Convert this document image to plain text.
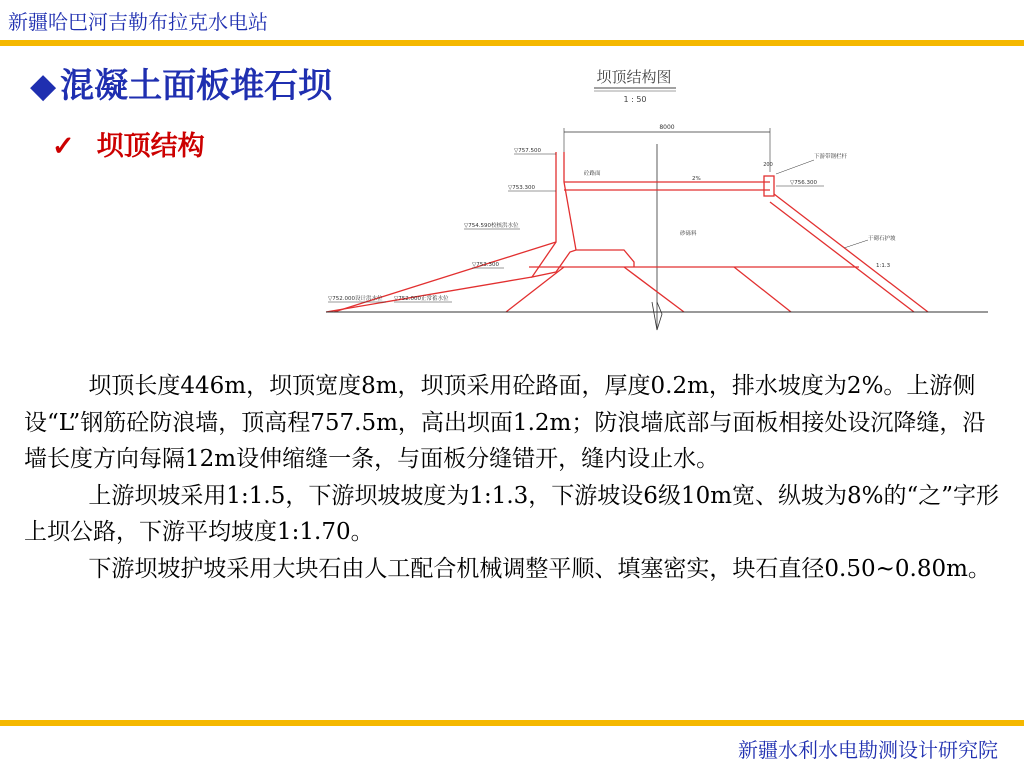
新疆哈巴河吉勒布拉克水电站
◆ 混凝土面板堆石坝
✓ 坝顶结构
坝顶结构图
1 : 50
8000
200
▽757.500
▽753.300
▽754.590校核洪水位
▽753.300
▽752.000设计洪水位 ▽752.000正常蓄水位
▽756.300
砼路面
2%
下游带钢栏杆
砂砾料
干砌石护坡
1:1.3

坝顶长度446m，坝顶宽度8m，坝顶采用砼路面，厚度0.2m，排水坡度为2%。上游侧设“L”钢筋砼防浪墙，顶高程757.5m，高出坝面1.2m；防浪墙底部与面板相接处设沉降缝，沿墙长度方向每隔12m设伸缩缝一条，与面板分缝错开，缝内设止水。

上游坝坡采用1:1.5，下游坝坡坡度为1:1.3，下游坡设6级10m宽、纵坡为8%的“之”字形上坝公路，下游平均坡度1:1.70。

下游坝坡护坡采用大块石由人工配合机械调整平顺、填塞密实，块石直径0.50~0.80m。

新疆水利水电勘测设计研究院
